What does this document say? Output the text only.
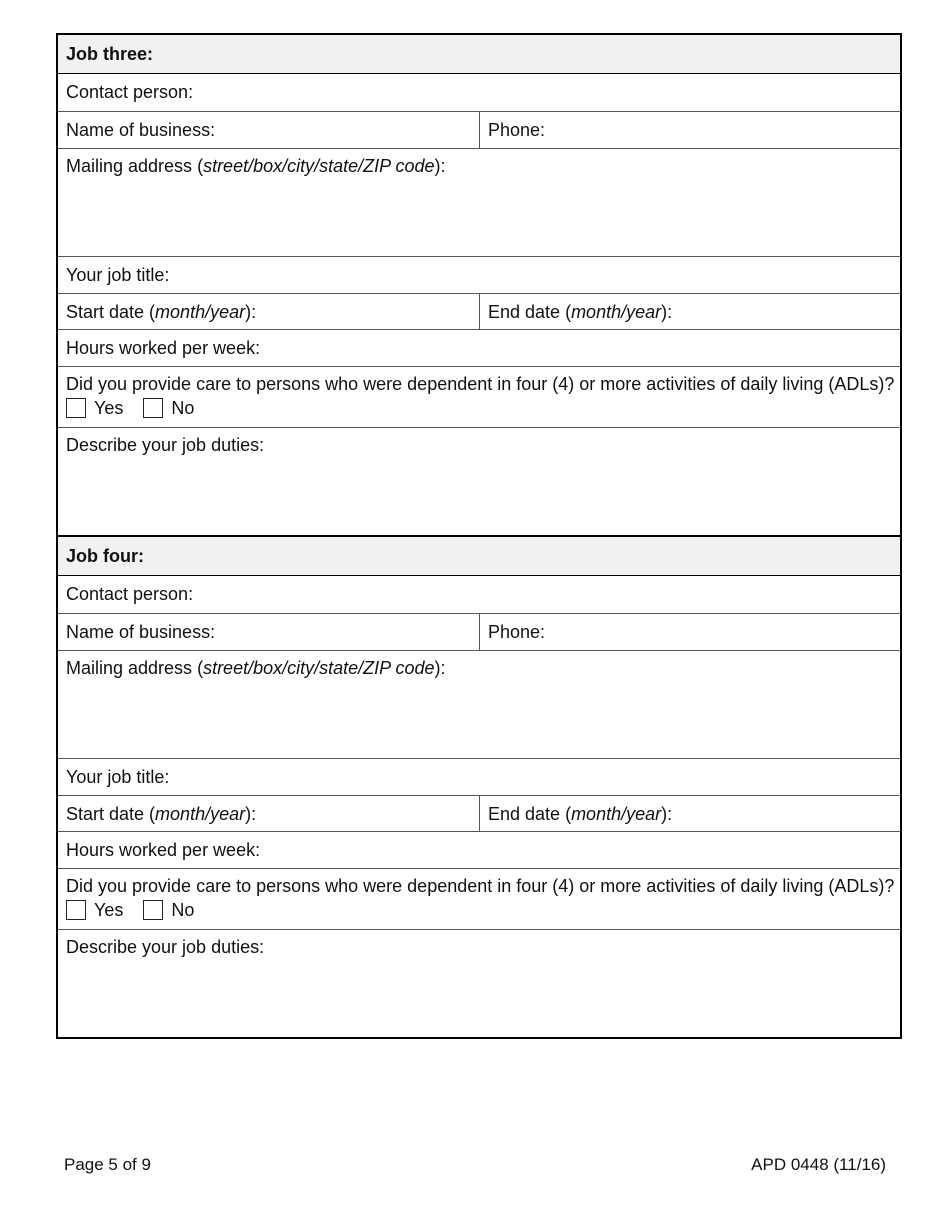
Job three:
Contact person:
Name of business:	Phone:
Mailing address (street/box/city/state/ZIP code):
Your job title:
Start date (month/year):	End date (month/year):
Hours worked per week:
Did you provide care to persons who were dependent in four (4) or more activities of daily living (ADLs)?
Yes	No
Describe your job duties:
Job four:
Contact person:
Name of business:	Phone:
Mailing address (street/box/city/state/ZIP code):
Your job title:
Start date (month/year):	End date (month/year):
Hours worked per week:
Did you provide care to persons who were dependent in four (4) or more activities of daily living (ADLs)?
Yes	No
Describe your job duties:
Page 5 of 9	APD 0448 (11/16)
